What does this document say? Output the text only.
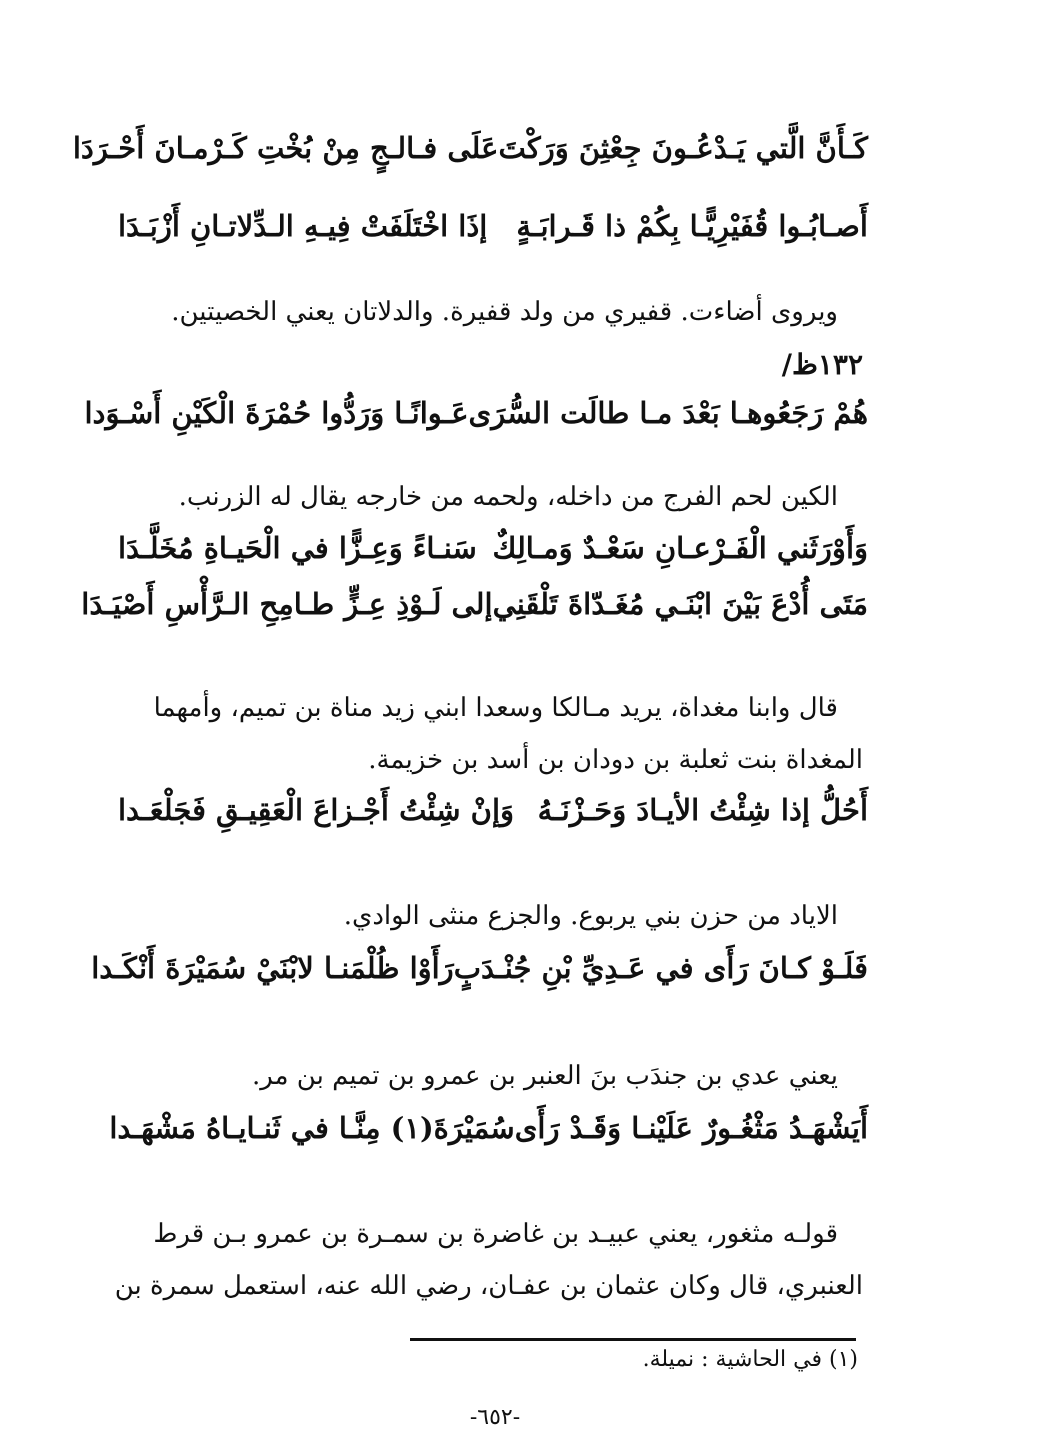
كَـأَنَّ الَّتي يَـدْعُـونَ جِعْثِنَ وَرَكْتَ
عَلَى فـالـجٍ مِنْ بُخْتِ كَـرْمـانَ أَحْـرَدَا
أَصـابُـوا قُفَيْرِيًّـا بِكُمْ ذا قَـرابَـةٍ
إذَا اخْتَلَفَتْ فِيـهِ الـدِّلاتـانِ أَزْبَـدَا
ويروى أضاءت. قفيري من ولد قفيرة. والدلاتان يعني الخصيتين.
١٣٢ظ/
هُمْ رَجَعُوهـا بَعْدَ مـا طالَت السُّرَى
عَـوانًـا وَرَدُّوا حُمْرَةَ الْكَيْنِ أَسْـوَدا
الكين لحم الفرج من داخله، ولحمه من خارجه يقال له الزرنب.
وَأَوْرَثَني الْفَـرْعـانِ سَعْـدٌ وَمـالِكٌ
سَنـاءً وَعِـزًّا في الْحَيـاةِ مُخَلَّـدَا
مَتَى أُدْعَ بَيْنَ ابْنَـي مُغَـدّاةَ تَلْقَنِي
إلى لَـوْذِ عِـزٍّ طـامِحِ الـرَّأْسِ أَصْيَـدَا
قال وابنا مغداة، يريد مـالكا وسعدا ابني زيد مناة بن تميم، وأمهما
المغداة بنت ثعلبة بن دودان بن أسد بن خزيمة.
أَحُلُّ إذا شِئْتُ الأيـادَ وَحَـزْنَـهُ
وَإنْ شِئْتُ أَجْـزاعَ الْعَقِيـقِ فَجَلْعَـدا
الاياد من حزن بني يربوع. والجزع منثى الوادي.
فَلَـوْ كـانَ رَأَى في عَـدِيِّ بْنِ جُنْـدَبٍ
رَأَوْا ظُلْمَنـا لابْنَيْ سُمَيْرَةَ أَنْكَـدا
يعني عدي بن جندَب بنَ العنبر بن عمرو بن تميم بن مر.
أَيَشْهَـدُ مَثْغُـورٌ عَلَيْنـا وَقَـدْ رَأَى
سُمَيْرَةَ(١) مِنَّـا في ثَنـايـاهُ مَشْهَـدا
قولـه مثغور، يعني عبيـد بن غاضرة بن سمـرة بن عمرو بـن قرط
العنبري، قال وكان عثمان بن عفـان، رضي الله عنه، استعمل سمرة بن
(١) في الحاشية : نميلة.
-٦٥٢-
